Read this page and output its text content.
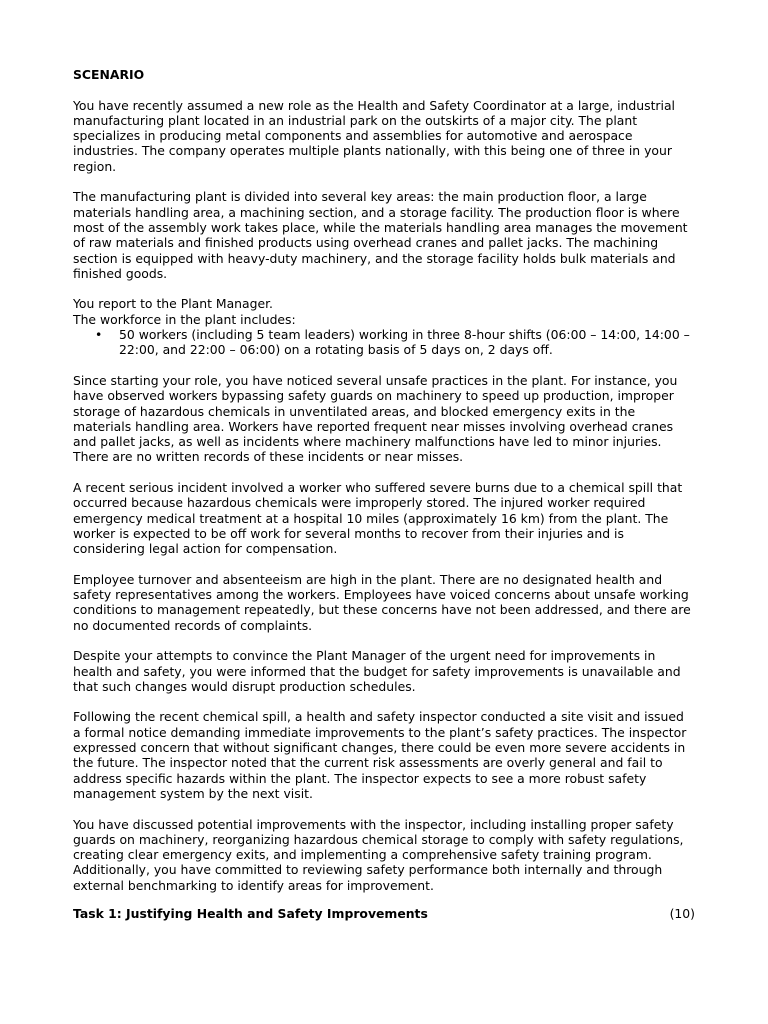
SCENARIO

You have recently assumed a new role as the Health and Safety Coordinator at a large, industrial manufacturing plant located in an industrial park on the outskirts of a major city. The plant specializes in producing metal components and assemblies for automotive and aerospace industries. The company operates multiple plants nationally, with this being one of three in your region.

The manufacturing plant is divided into several key areas: the main production floor, a large materials handling area, a machining section, and a storage facility. The production floor is where most of the assembly work takes place, while the materials handling area manages the movement of raw materials and finished products using overhead cranes and pallet jacks. The machining section is equipped with heavy-duty machinery, and the storage facility holds bulk materials and finished goods.

You report to the Plant Manager.

The workforce in the plant includes:

• 50 workers (including 5 team leaders) working in three 8-hour shifts (06:00 – 14:00, 14:00 – 22:00, and 22:00 – 06:00) on a rotating basis of 5 days on, 2 days off.

Since starting your role, you have noticed several unsafe practices in the plant. For instance, you have observed workers bypassing safety guards on machinery to speed up production, improper storage of hazardous chemicals in unventilated areas, and blocked emergency exits in the materials handling area. Workers have reported frequent near misses involving overhead cranes and pallet jacks, as well as incidents where machinery malfunctions have led to minor injuries. There are no written records of these incidents or near misses.

A recent serious incident involved a worker who suffered severe burns due to a chemical spill that occurred because hazardous chemicals were improperly stored. The injured worker required emergency medical treatment at a hospital 10 miles (approximately 16 km) from the plant. The worker is expected to be off work for several months to recover from their injuries and is considering legal action for compensation.

Employee turnover and absenteeism are high in the plant. There are no designated health and safety representatives among the workers. Employees have voiced concerns about unsafe working conditions to management repeatedly, but these concerns have not been addressed, and there are no documented records of complaints.

Despite your attempts to convince the Plant Manager of the urgent need for improvements in health and safety, you were informed that the budget for safety improvements is unavailable and that such changes would disrupt production schedules.

Following the recent chemical spill, a health and safety inspector conducted a site visit and issued a formal notice demanding immediate improvements to the plant’s safety practices. The inspector expressed concern that without significant changes, there could be even more severe accidents in the future. The inspector noted that the current risk assessments are overly general and fail to address specific hazards within the plant. The inspector expects to see a more robust safety management system by the next visit.

You have discussed potential improvements with the inspector, including installing proper safety guards on machinery, reorganizing hazardous chemical storage to comply with safety regulations, creating clear emergency exits, and implementing a comprehensive safety training program. Additionally, you have committed to reviewing safety performance both internally and through external benchmarking to identify areas for improvement.

Task 1: Justifying Health and Safety Improvements	(10)
